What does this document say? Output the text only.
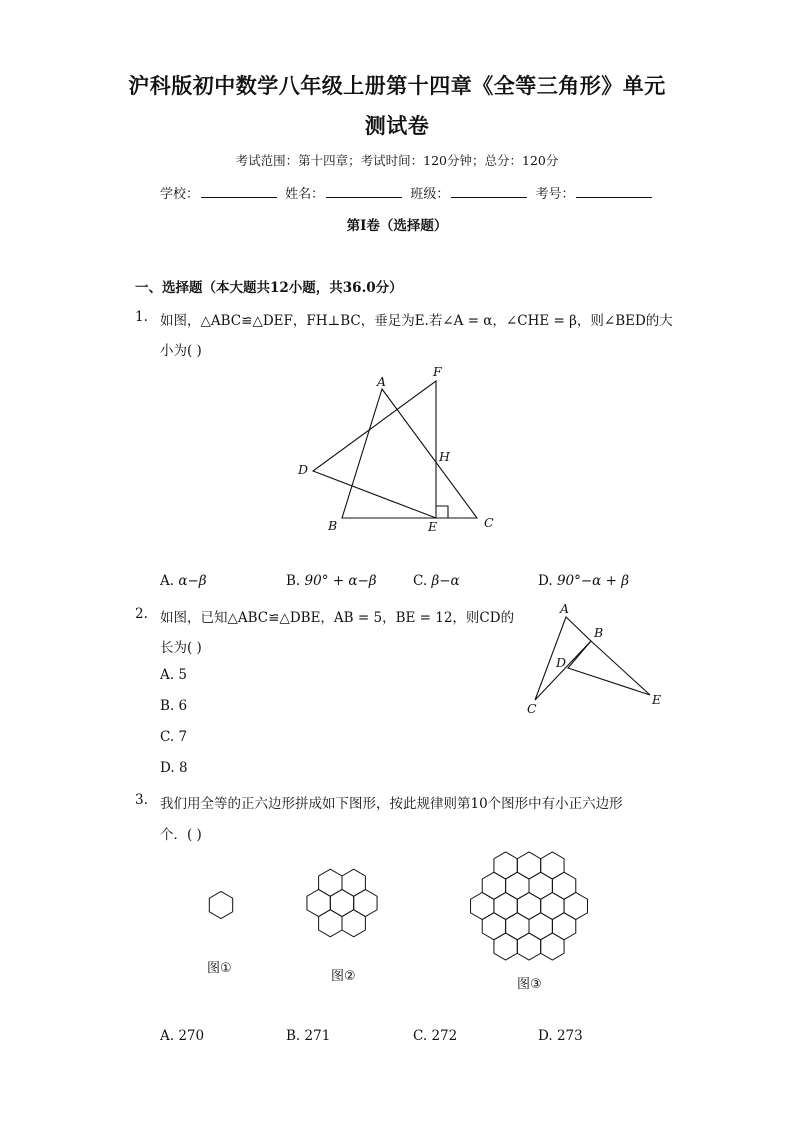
沪科版初中数学八年级上册第十四章《全等三角形》单元
测试卷
考试范围：第十四章；考试时间：120分钟；总分：120分
学校：	姓名：	班级：	考号：
第I卷（选择题）
一、选择题（本大题共12小题，共36.0分）
1. 如图，△ABC≌△DEF，FH⊥BC，垂足为E.若∠A = α，∠CHE = β，则∠BED的大
小为( )
A
F
D
H
B	E	C
A. α−β	B. 90° + α−β	C. β−α	D. 90°−α + β
2. 如图，已知△ABC≌△DBE，AB = 5，BE = 12，则CD的
长为( )
A
B
D
C
E
A. 5
B. 6
C. 7
D. 8
3. 我们用全等的正六边形拼成如下图形，按此规律则第10个图形中有小正六边形
个．( )
图①
图②
图③
A. 270	B. 271	C. 272	D. 273
